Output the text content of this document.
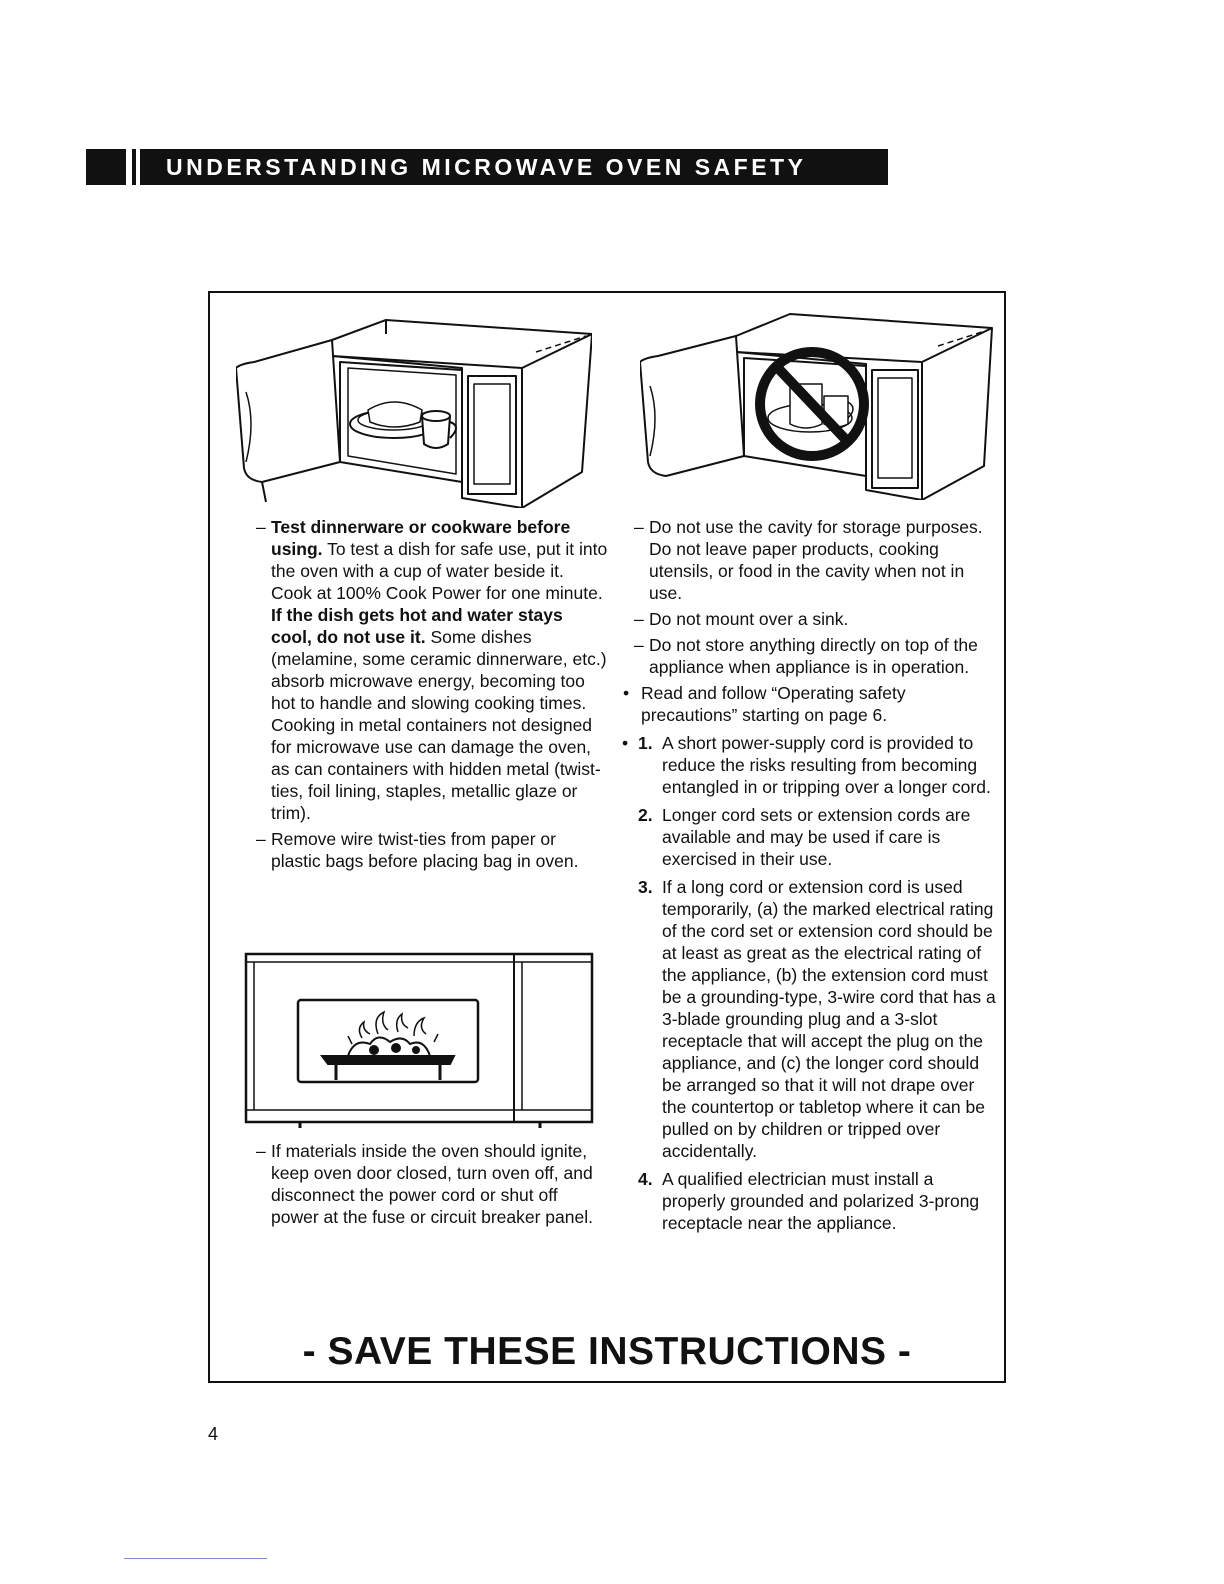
UNDERSTANDING MICROWAVE OVEN SAFETY
– Test dinnerware or cookware before using. To test a dish for safe use, put it into the oven with a cup of water beside it. Cook at 100% Cook Power for one minute. If the dish gets hot and water stays cool, do not use it. Some dishes (melamine, some ceramic dinnerware, etc.) absorb microwave energy, becoming too hot to handle and slowing cooking times. Cooking in metal containers not designed for microwave use can damage the oven, as can containers with hidden metal (twist-ties, foil lining, staples, metallic glaze or trim).
– Remove wire twist-ties from paper or plastic bags before placing bag in oven.
– If materials inside the oven should ignite, keep oven door closed, turn oven off, and disconnect the power cord or shut off power at the fuse or circuit breaker panel.
– Do not use the cavity for storage purposes. Do not leave paper products, cooking utensils, or food in the cavity when not in use.
– Do not mount over a sink.
– Do not store anything directly on top of the appliance when appliance is in operation.
• Read and follow “Operating safety precautions” starting on page 6.
• 1. A short power-supply cord is provided to reduce the risks resulting from becoming entangled in or tripping over a longer cord.
2. Longer cord sets or extension cords are available and may be used if care is exercised in their use.
3. If a long cord or extension cord is used temporarily, (a) the marked electrical rating of the cord set or extension cord should be at least as great as the electrical rating of the appliance, (b) the extension cord must be a grounding-type, 3-wire cord that has a 3-blade grounding plug and a 3-slot receptacle that will accept the plug on the appliance, and (c) the longer cord should be arranged so that it will not drape over the countertop or tabletop where it can be pulled on by children or tripped over accidentally.
4. A qualified electrician must install a properly grounded and polarized 3-prong receptacle near the appliance.
- SAVE THESE INSTRUCTIONS -
4
